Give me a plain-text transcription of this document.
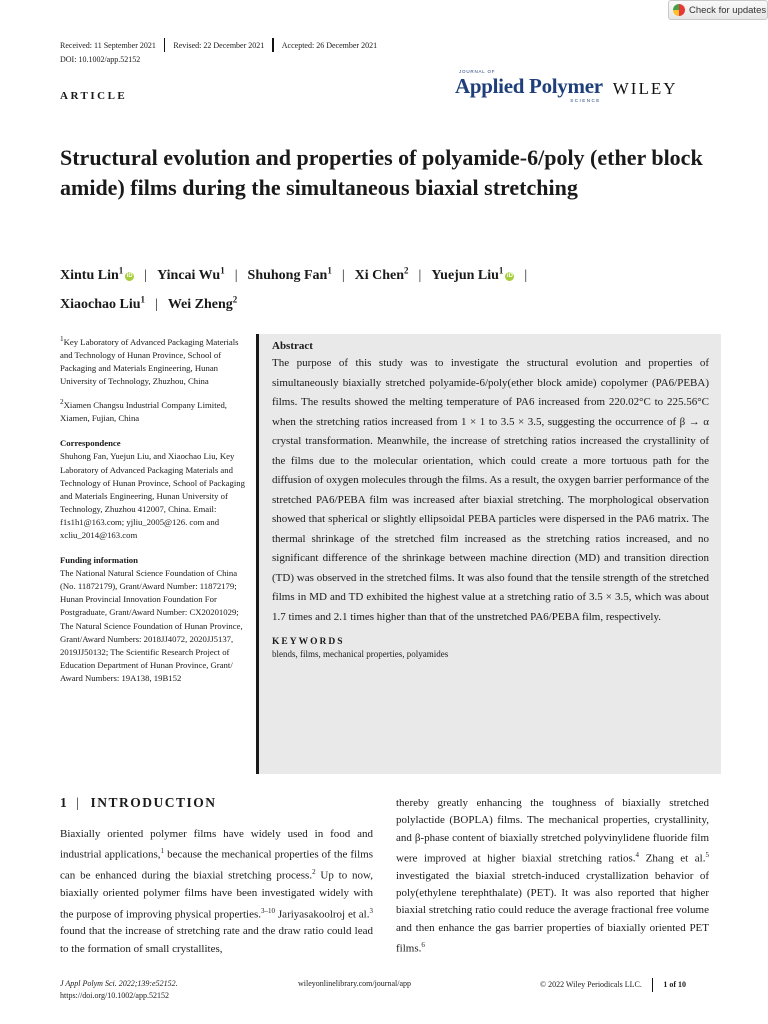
Check for updates
Received: 11 September 2021 Revised: 22 December 2021 Accepted: 26 December 2021
DOI: 10.1002/app.52152
ARTICLE
JOURNAL OF
Applied Polymer
SCIENCE
WILEY
Structural evolution and properties of polyamide-6/poly (ether block amide) films during the simultaneous biaxial stretching
Xintu Lin$^1$iD | Yincai Wu$^1$ | Shuhong Fan$^1$ | Xi Chen$^2$ | Yuejun Liu$^1$iD |
Xiaochao Liu$^1$ | Wei Zheng$^2$

$^1$Key Laboratory of Advanced Packaging Materials and Technology of Hunan Province, School of Packaging and Materials Engineering, Hunan University of Technology, Zhuzhou, China

$^2$Xiamen Changsu Industrial Company Limited, Xiamen, Fujian, China

Correspondence

Shuhong Fan, Yuejun Liu, and Xiaochao Liu, Key Laboratory of Advanced Packaging Materials and Technology of Hunan Province, School of Packaging and Materials Engineering, Hunan University of Technology, Zhuzhou 412007, China. Email: f1s1h1@163.com; yjliu_2005@126. com and xcliu_2014@163.com

Funding information

The National Natural Science Foundation of China (No. 11872179), Grant/Award Number: 11872179; Hunan Provincial Innovation Foundation For Postgraduate, Grant/Award Number: CX20201029; The Natural Science Foundation of Hunan Province, Grant/Award Numbers: 2018JJ4072, 2020JJ5137, 2019JJ50132; The Scientific Research Project of Education Department of Hunan Province, Grant/ Award Numbers: 19A138, 19B152

Abstract

The purpose of this study was to investigate the structural evolution and properties of simultaneously biaxially stretched polyamide-6/poly(ether block amide) copolymer (PA6/PEBA) films. The results showed the melting temperature of PA6 increased from 220.02°C to 225.56°C when the stretching ratios increased from 1 × 1 to 3.5 × 3.5, suggesting the occurrence of β → α crystal transformation. Meanwhile, the increase of stretching ratios increased the crystallinity of the films due to the molecular orientation, which could create a more tortuous path for the diffusion of oxygen molecules through the films. As a result, the oxygen barrier performance of the stretched PA6/PEBA film was increased after biaxial stretching. The morphological observation showed that spherical or slightly ellipsoidal PEBA particles were dispersed in the PA6 matrix. The thermal shrinkage of the stretched film increased as the stretching ratios increased, and no significant difference of the shrinkage between machine direction (MD) and transition direction (TD) was observed in the stretched films. It was also found that the tensile strength of the stretched films in MD and TD exhibited the highest value at a stretching ratio of 3.5 × 3.5, which was about 1.7 times and 2.1 times higher than that of the unstretched PA6/PEBA film, respectively.

KEYWORDS

blends, films, mechanical properties, polyamides

1 | INTRODUCTION

Biaxially oriented polymer films have widely used in food and industrial applications,$^1$ because the mechanical properties of the films can be enhanced during the biaxial stretching process.$^2$ Up to now, biaxially oriented polymer films have been investigated widely with the purpose of improving physical properties.$^{3-10}$ Jariyasakoolroj et al.$^3$ found that the increase of stretching rate and the draw ratio could lead to the formation of small crystallites,

thereby greatly enhancing the toughness of biaxially stretched polylactide (BOPLA) films. The mechanical properties, crystallinity, and β-phase content of biaxially stretched polyvinylidene fluoride film were improved at higher biaxial stretching ratios.$^4$ Zhang et al.$^5$ investigated the biaxial stretch-induced crystallization behavior of poly(ethylene terephthalate) (PET). It was also reported that higher biaxial stretching ratio could reduce the average fractional free volume and then enhance the gas barrier properties of biaxially oriented PET films.$^6$

J Appl Polym Sci. 2022;139:e52152.
https://doi.org/10.1002/app.52152
wileyonlinelibrary.com/journal/app	© 2022 Wiley Periodicals LLC.	1 of 10
